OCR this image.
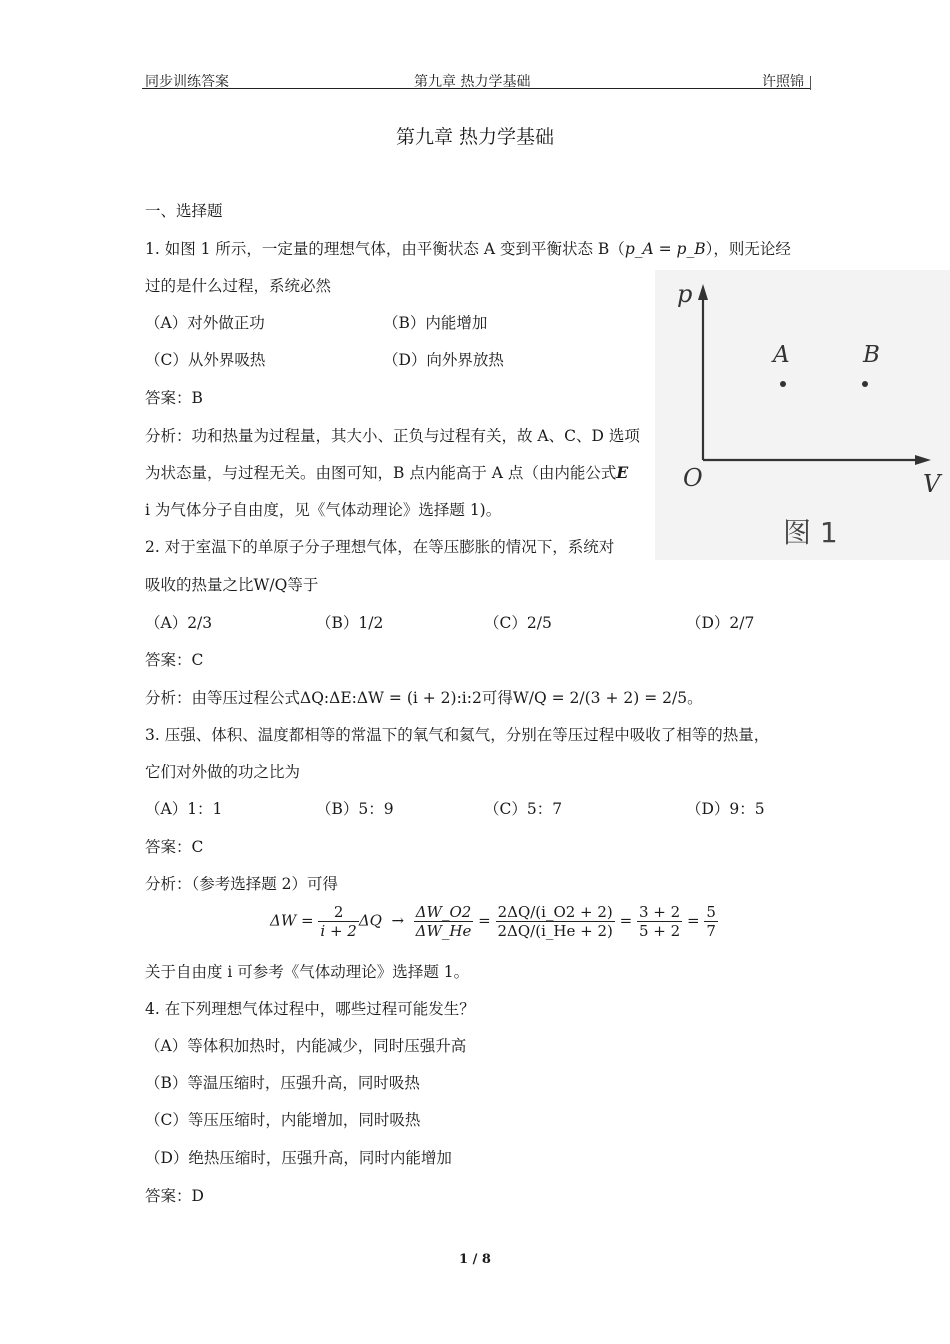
同步训练答案	第九章 热力学基础	许照锦
第九章 热力学基础
一、选择题
p
V
O
A	B
图 1
1. 如图 1 所示，一定量的理想气体，由平衡状态 A 变到平衡状态 B（p_A = p_B），则无论经
过的是什么过程，系统必然
（A）对外做正功	（B）内能增加
（C）从外界吸热	（D）向外界放热
答案：B
分析：功和热量为过程量，其大小、正负与过程有关，故 A、C、D 选项
为状态量，与过程无关。由图可知，B 点内能高于 A 点（由内能公式E
i 为气体分子自由度，见《气体动理论》选择题 1)。
2. 对于室温下的单原子分子理想气体，在等压膨胀的情况下，系统对
吸收的热量之比W/Q等于
（A）2/3	（B）1/2	（C）2/5	（D）2/7
答案：C
分析：由等压过程公式ΔQ:ΔE:ΔW = (i + 2):i:2可得W/Q = 2/(3 + 2) = 2/5。
3. 压强、体积、温度都相等的常温下的氧气和氦气，分别在等压过程中吸收了相等的热量，
它们对外做的功之比为
（A）1：1	（B）5：9	（C）5：7	（D）9：5
答案：C
分析：（参考选择题 2）可得
$\Delta W = \frac{2}{i + 2}$ $\Delta Q \to \frac{\Delta W\_O2}{\Delta W\_He} = \frac{2\Delta Q/(i\_O2 + 2)}{2\Delta Q/(i\_He + 2)} = \frac{3 + 2}{5 + 2} = \frac{5}{7}$
关于自由度 i 可参考《气体动理论》选择题 1。
4. 在下列理想气体过程中，哪些过程可能发生？
（A）等体积加热时，内能减少，同时压强升高
（B）等温压缩时，压强升高，同时吸热
（C）等压压缩时，内能增加，同时吸热
（D）绝热压缩时，压强升高，同时内能增加
答案：D
1 / 8
